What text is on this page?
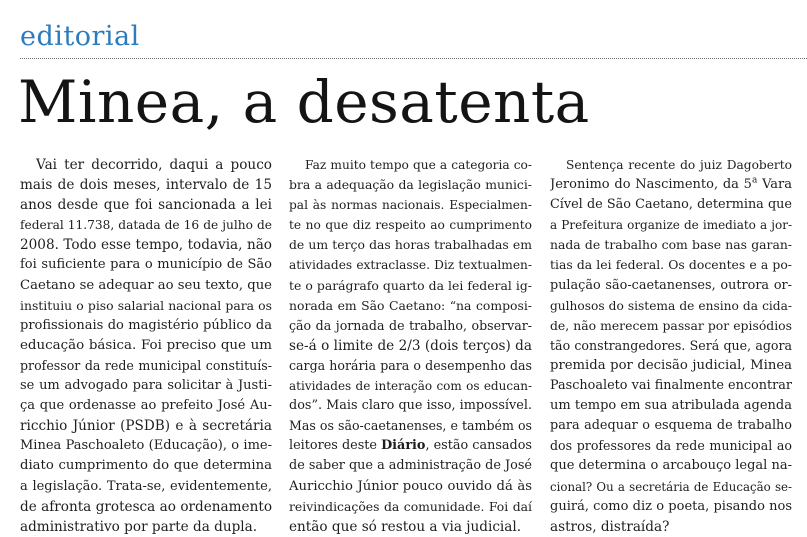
editorial
Minea, a desatenta
Vai ter decorrido, daqui a pouco
mais de dois meses, intervalo de 15
anos desde que foi sancionada a lei
federal 11.738, datada de 16 de julho de
2008. Todo esse tempo, todavia, não
foi suficiente para o município de São
Caetano se adequar ao seu texto, que
instituiu o piso salarial nacional para os
profissionais do magistério público da
educação básica. Foi preciso que um
professor da rede municipal constituís-
se um advogado para solicitar à Justi-
ça que ordenasse ao prefeito José Au-
ricchio Júnior (PSDB) e à secretária
Minea Paschoaleto (Educação), o ime-
diato cumprimento do que determina
a legislação. Trata-se, evidentemente,
de afronta grotesca ao ordenamento
administrativo por parte da dupla.
Faz muito tempo que a categoria co-
bra a adequação da legislação munici-
pal às normas nacionais. Especialmen-
te no que diz respeito ao cumprimento
de um terço das horas trabalhadas em
atividades extraclasse. Diz textualmen-
te o parágrafo quarto da lei federal ig-
norada em São Caetano: “na composi-
ção da jornada de trabalho, observar-
se-á o limite de 2/3 (dois terços) da
carga horária para o desempenho das
atividades de interação com os educan-
dos”. Mais claro que isso, impossível.
Mas os são-caetanenses, e também os
leitores deste Diário, estão cansados
de saber que a administração de José
Auricchio Júnior pouco ouvido dá às
reivindicações da comunidade. Foi daí
então que só restou a via judicial.
Sentença recente do juiz Dagoberto
Jeronimo do Nascimento, da 5$^a$ Vara
Cível de São Caetano, determina que
a Prefeitura organize de imediato a jor-
nada de trabalho com base nas garan-
tias da lei federal. Os docentes e a po-
pulação são-caetanenses, outrora or-
gulhosos do sistema de ensino da cida-
de, não merecem passar por episódios
tão constrangedores. Será que, agora
premida por decisão judicial, Minea
Paschoaleto vai finalmente encontrar
um tempo em sua atribulada agenda
para adequar o esquema de trabalho
dos professores da rede municipal ao
que determina o arcabouço legal na-
cional? Ou a secretária de Educação se-
guirá, como diz o poeta, pisando nos
astros, distraída?
